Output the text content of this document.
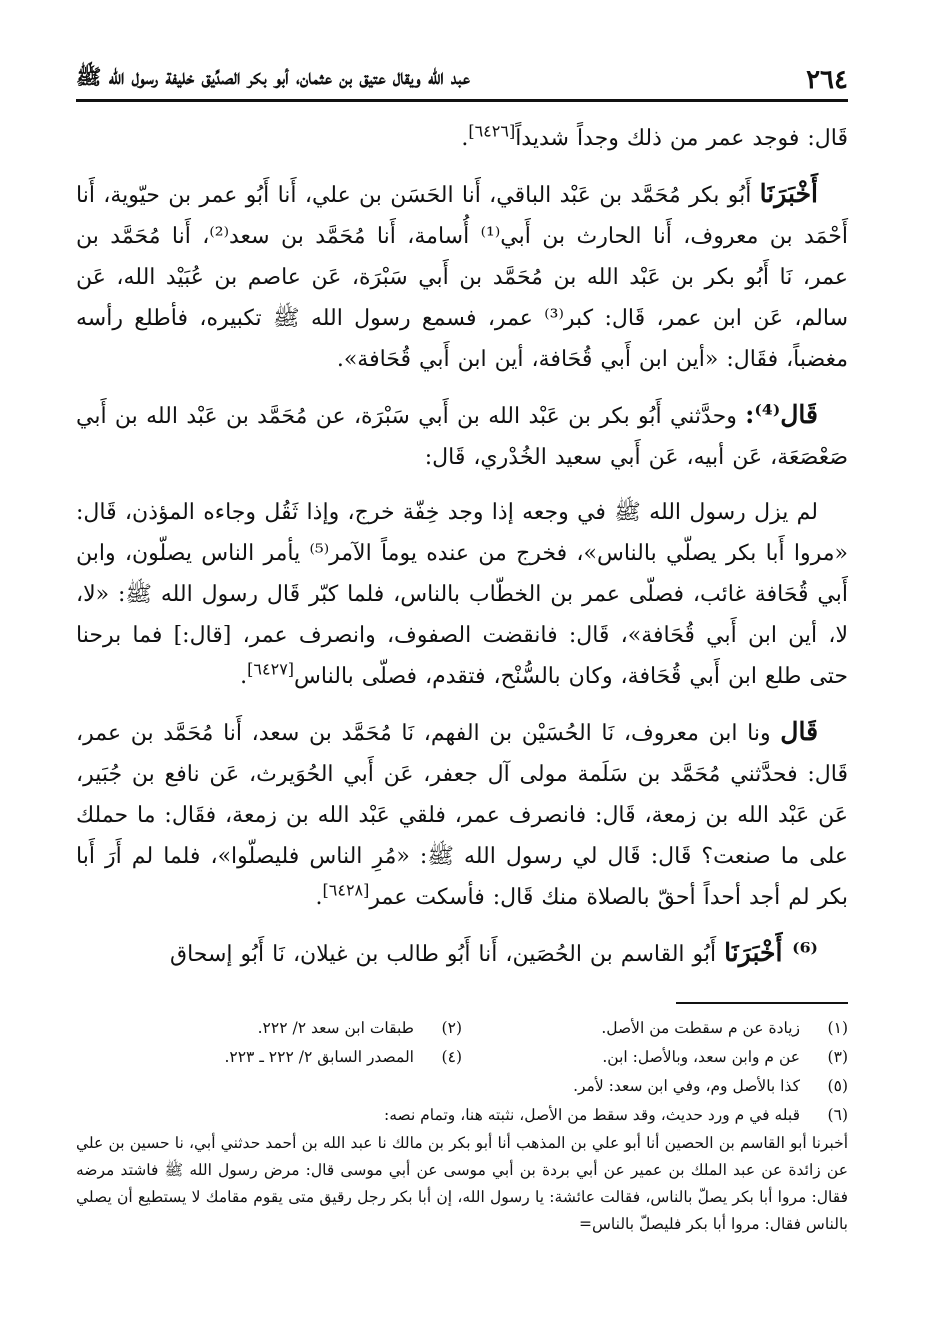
٢٦٤
عبد الله ويقال عتيق بن عثمان، أبو بكر الصدِّيق خليفة رسول الله ﷺ

قَال: فوجد عمر من ذلك وجداً شديداً[٦٤٢٦].

أَخْبَرَنَا أَبُو بكر مُحَمَّد بن عَبْد الباقي، أَنا الحَسَن بن علي، أَنا أَبُو عمر بن حيّوية، أَنا أَحْمَد بن معروف، أَنا الحارث بن أَبي⁽¹⁾ أُسامة، أَنا مُحَمَّد بن سعد⁽²⁾، أَنا مُحَمَّد بن عمر، نَا أَبُو بكر بن عَبْد الله بن مُحَمَّد بن أَبي سَبْرَة، عَن عاصم بن عُبَيْد الله، عَن سالم، عَن ابن عمر، قَال: كبر⁽³⁾ عمر، فسمع رسول الله ﷺ تكبيره، فأطلع رأسه مغضباً، فقَال: «أين ابن أَبي قُحَافة، أين ابن أَبي قُحَافة».

قَال⁽⁴⁾: وحدَّثني أَبُو بكر بن عَبْد الله بن أَبي سَبْرَة، عن مُحَمَّد بن عَبْد الله بن أَبي صَعْصَعَة، عَن أبيه، عَن أَبي سعيد الخُدْري، قَال:

لم يزل رسول الله ﷺ في وجعه إذا وجد خِفّة خرج، وإذا ثَقُل وجاءه المؤذن، قَال: «مروا أَبا بكر يصلّي بالناس»، فخرج من عنده يوماً الآمر⁽⁵⁾ يأمر الناس يصلّون، وابن أَبي قُحَافة غائب، فصلّى عمر بن الخطّاب بالناس، فلما كبّر قَال رسول الله ﷺ: «لا، لا، أين ابن أَبي قُحَافة»، قَال: فانقضت الصفوف، وانصرف عمر، [قال:] فما برحنا حتى طلع ابن أَبي قُحَافة، وكان بالسُّنْح، فتقدم، فصلّى بالناس[٦٤٢٧].

قَال ونا ابن معروف، نَا الحُسَيْن بن الفهم، نَا مُحَمَّد بن سعد، أَنا مُحَمَّد بن عمر، قَال: فحدَّثني مُحَمَّد بن سَلَمة مولى آل جعفر، عَن أَبي الحُوَيرث، عَن نافع بن جُبَير، عَن عَبْد الله بن زمعة، قَال: فانصرف عمر، فلقي عَبْد الله بن زمعة، فقَال: ما حملك على ما صنعت؟ قَال: قَال لي رسول الله ﷺ: «مُرِ الناس فليصلّوا»، فلما لم أَرَ أَبا بكر لم أجد أحداً أحقّ بالصلاة منك قَال: فأسكت عمر[٦٤٢٨].

⁽⁶⁾ أَخْبَرَنَا أَبُو القاسم بن الحُصَين، أَنا أَبُو طالب بن غيلان، نَا أَبُو إسحاق

(١)
زيادة عن م سقطت من الأصل.
(٢)
طبقات ابن سعد ٢/ ٢٢٢.
(٣)
عن م وابن سعد، وبالأصل: ابن.
(٤)
المصدر السابق ٢/ ٢٢٢ ـ ٢٢٣.
(٥)
كذا بالأصل وم، وفي ابن سعد: لأمر.
(٦)
قبله في م ورد حديث، وقد سقط من الأصل، نثبته هنا، وتمام نصه:
أخبرنا أبو القاسم بن الحصين أنا أبو علي بن المذهب أنا أبو بكر بن مالك نا عبد الله بن أحمد حدثني أبي، نا حسين بن علي عن زائدة عن عبد الملك بن عمير عن أبي بردة بن أبي موسى عن أبي موسى قال: مرض رسول الله ﷺ فاشتد مرضه فقال: مروا أبا بكر يصلّ بالناس، فقالت عائشة: يا رسول الله، إن أبا بكر رجل رقيق متى يقوم مقامك لا يستطيع أن يصلي بالناس فقال: مروا أبا بكر فليصلّ بالناس=
